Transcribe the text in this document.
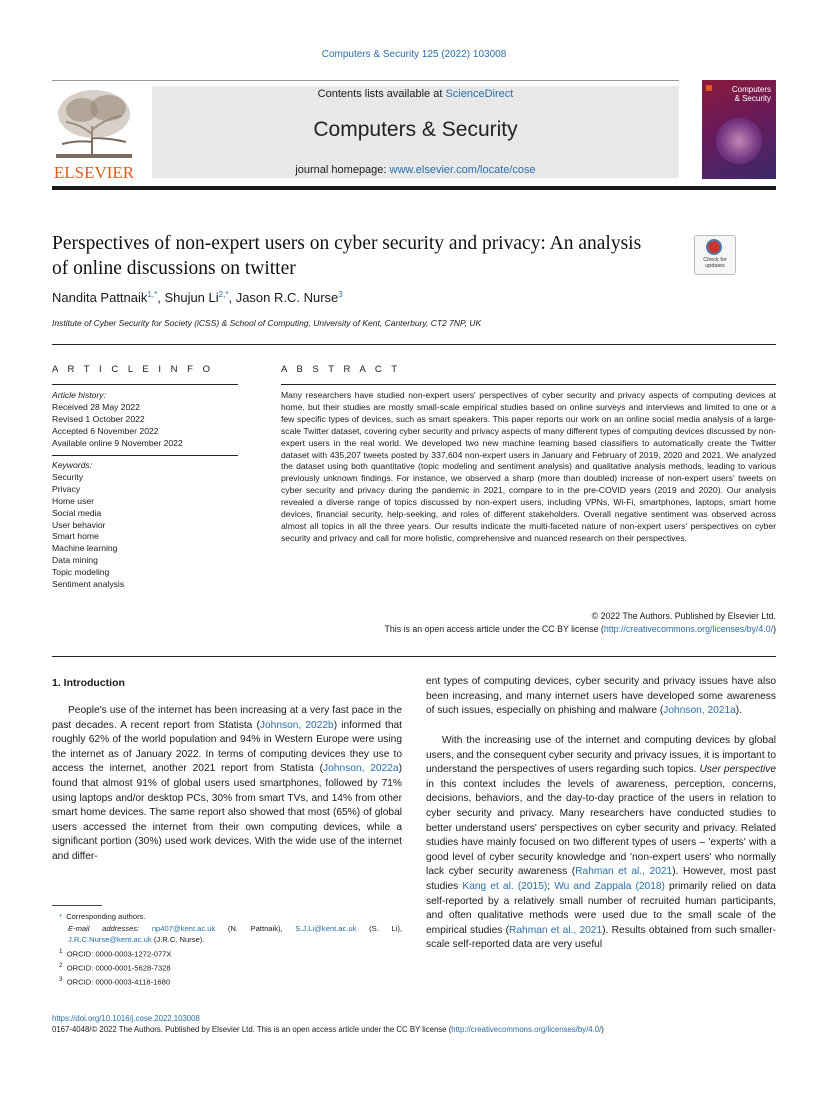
Computers & Security 125 (2022) 103008
ELSEVIER
Contents lists available at ScienceDirect
Computers & Security
journal homepage: www.elsevier.com/locate/cose
Computers & Security
Perspectives of non-expert users on cyber security and privacy: An analysis of online discussions on twitter	Check for updates
Nandita Pattnaik$^{1,*}$, Shujun $Li^{2,*}$, Jason R.C. Nurse$^3$
Institute of Cyber Security for Society (iCSS) & School of Computing, University of Kent, Canterbury, CT2 7NP, UK
A R T I C L E I N F O
Article history:
Received 28 May 2022
Revised 1 October 2022
Accepted 6 November 2022
Available online 9 November 2022
Keywords:
Security
Privacy
Home user
Social media
User behavior
Smart home
Machine learning
Data mining
Topic modeling
Sentiment analysis
A B S T R A C T
Many researchers have studied non-expert users' perspectives of cyber security and privacy aspects of computing devices at home, but their studies are mostly small-scale empirical studies based on online surveys and interviews and limited to one or a few specific types of devices, such as smart speakers. This paper reports our work on an online social media analysis of a large-scale Twitter dataset, covering cyber security and privacy aspects of many different types of computing devices discussed by non-expert users in the real world. We developed two new machine learning based classifiers to automatically create the Twitter dataset with 435,207 tweets posted by 337,604 non-expert users in January and February of 2019, 2020 and 2021. We analyzed the dataset using both quantitative (topic modeling and sentiment analysis) and qualitative analysis methods, leading to various previously unknown findings. For instance, we observed a sharp (more than doubled) increase of non-expert users' tweets on cyber security and privacy during the pandemic in 2021, compare to in the pre-COVID years (2019 and 2020). Our analysis revealed a diverse range of topics discussed by non-expert users, including VPNs, Wi-Fi, smartphones, laptops, smart home devices, financial security, help-seeking, and roles of different stakeholders. Overall negative sentiment was observed across almost all topics in all the three years. Our results indicate the multi-faceted nature of non-expert users' perspectives on cyber security and privacy and call for more holistic, comprehensive and nuanced research on their perspectives.
© 2022 The Authors. Published by Elsevier Ltd.
This is an open access article under the CC BY license (http://creativecommons.org/licenses/by/4.0/)
1. Introduction
People's use of the internet has been increasing at a very fast pace in the past decades. A recent report from Statista (Johnson, 2022b) informed that roughly 62% of the world population and 94% in Western Europe were using the internet as of January 2022. In terms of computing devices they use to access the internet, another 2021 report from Statista (Johnson, 2022a) found that almost 91% of global users used smartphones, followed by 71% using laptops and/or desktop PCs, 30% from smart TVs, and 14% from other smart home devices. The same report also showed that most (65%) of global users accessed the internet from their own computing devices, while a significant portion (30%) used work devices. With the wide use of the internet and differ-
ent types of computing devices, cyber security and privacy issues have also been increasing, and many internet users have developed some awareness of such issues, especially on phishing and malware (Johnson, 2021a).
With the increasing use of the internet and computing devices by global users, and the consequent cyber security and privacy issues, it is important to understand the perspectives of users regarding such topics. User perspective in this context includes the levels of awareness, perception, concerns, decisions, behaviors, and the day-to-day practice of the users in relation to cyber security and privacy. Many researchers have conducted studies to better understand users' perspectives on cyber security and privacy. Related studies have mainly focused on two different types of users – 'experts' with a good level of cyber security knowledge and 'non-expert users' who normally lack cyber security awareness (Rahman et al., 2021). However, most past studies Kang et al. (2015); Wu and Zappala (2018) primarily relied on data self-reported by a relatively small number of recruited human participants, and often qualitative methods were used due to the small scale of the empirical studies (Rahman et al., 2021). Results obtained from such smaller-scale self-reported data are very useful
* Corresponding authors.
E-mail addresses: np407@kent.ac.uk (N. Pattnaik), S.J.Li@kent.ac.uk (S. Li), J.R.C.Nurse@kent.ac.uk (J.R.C. Nurse).
$^1$ ORCID: 0000-0003-1272-077X
$^2$ ORCID: 0000-0001-5628-7328
$^3$ ORCID: 0000-0003-4118-1680
https://doi.org/10.1016/j.cose.2022.103008
0167-4048/© 2022 The Authors. Published by Elsevier Ltd. This is an open access article under the CC BY license (http://creativecommons.org/licenses/by/4.0/)
